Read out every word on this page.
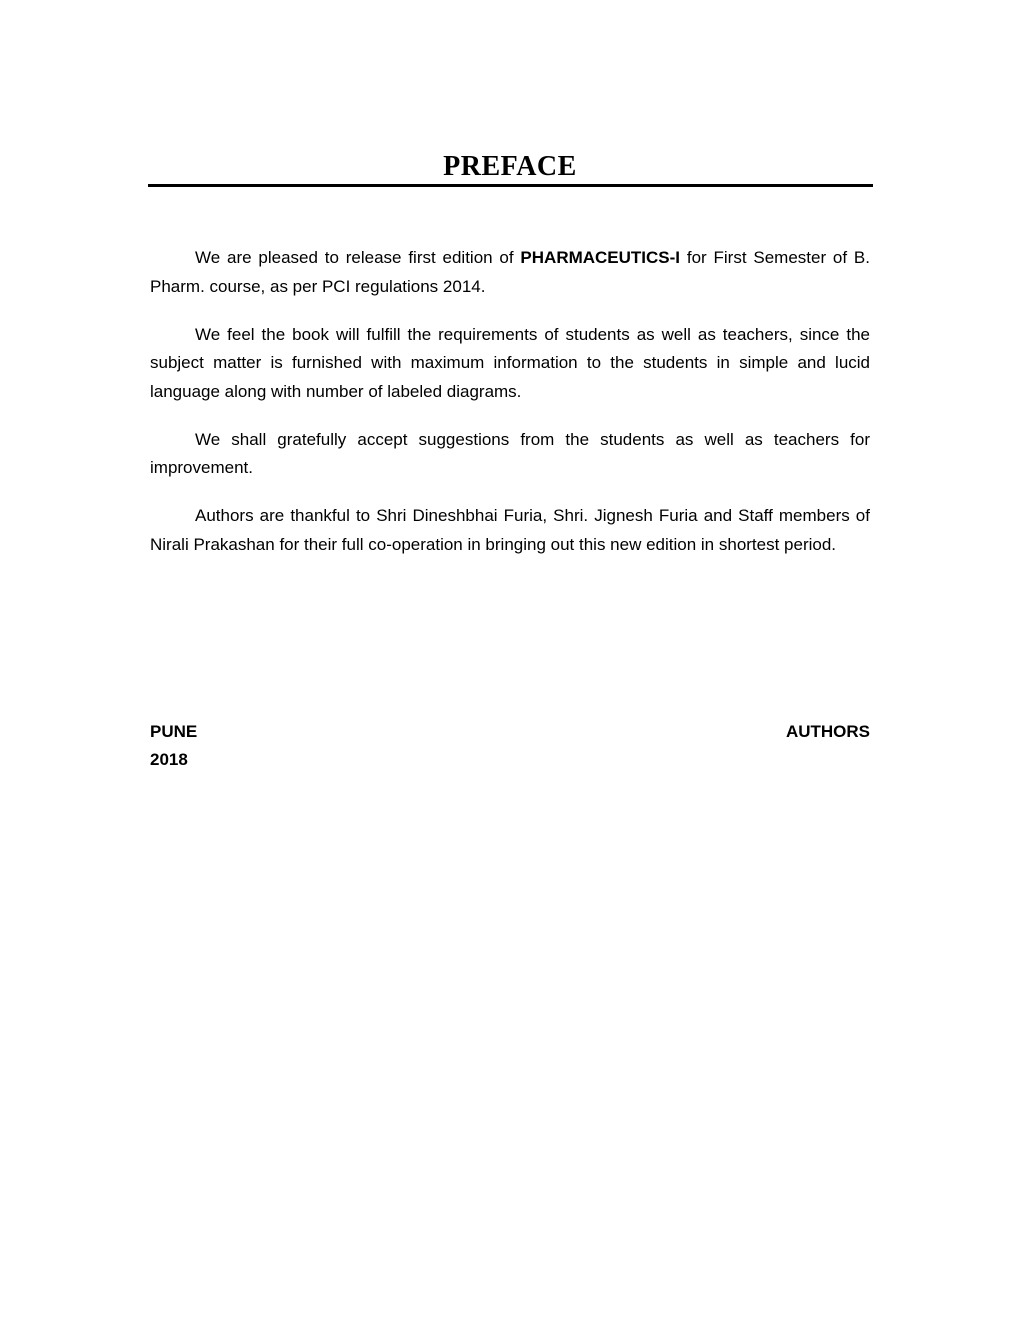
PREFACE

We are pleased to release first edition of PHARMACEUTICS-I for First Semester of B. Pharm. course, as per PCI regulations 2014.

We feel the book will fulfill the requirements of students as well as teachers, since the subject matter is furnished with maximum information to the students in simple and lucid language along with number of labeled diagrams.

We shall gratefully accept suggestions from the students as well as teachers for improvement.

Authors are thankful to Shri Dineshbhai Furia, Shri. Jignesh Furia and Staff members of Nirali Prakashan for their full co-operation in bringing out this new edition in shortest period.

PUNE
2018
AUTHORS
